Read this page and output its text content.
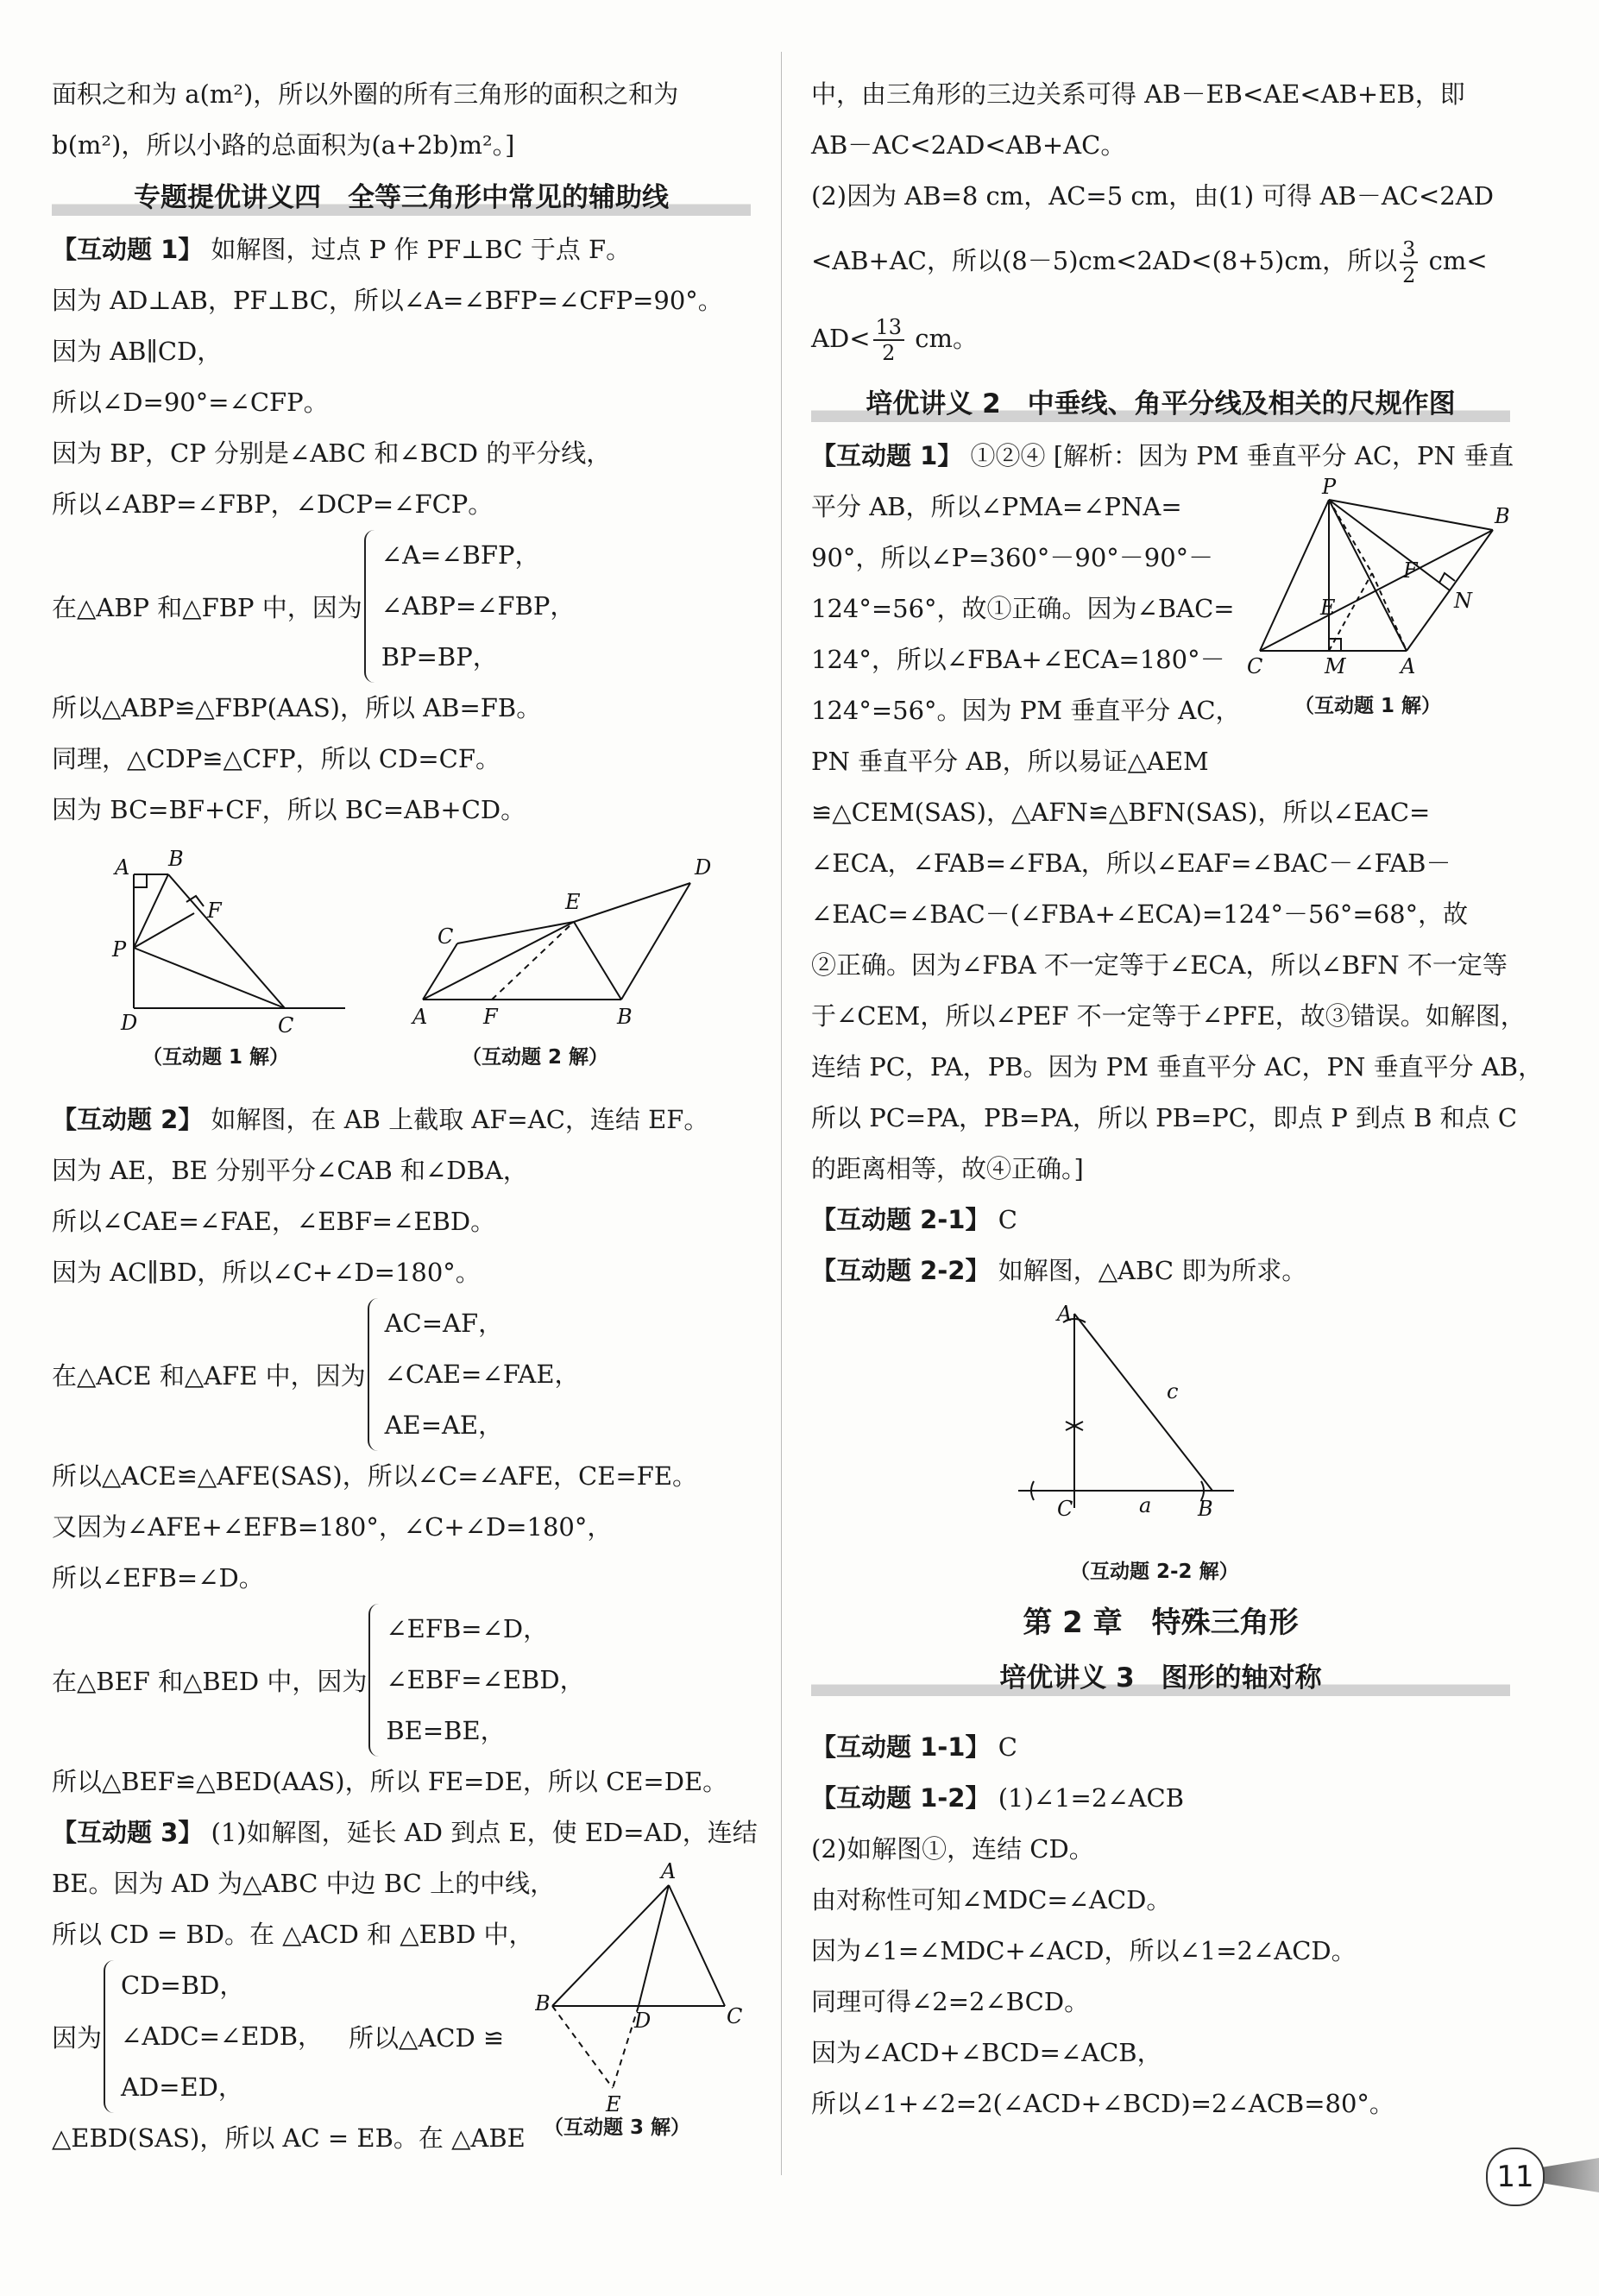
面积之和为 a(m²)，所以外圈的所有三角形的面积之和为
b(m²)，所以小路的总面积为(a+2b)m²。]
专题提优讲义四　全等三角形中常见的辅助线
【互动题 1】 如解图，过点 P 作 PF⊥BC 于点 F。
因为 AD⊥AB，PF⊥BC，所以∠A=∠BFP=∠CFP=90°。
因为 AB∥CD，
所以∠D=90°=∠CFP。
因为 BP，CP 分别是∠ABC 和∠BCD 的平分线，
所以∠ABP=∠FBP，∠DCP=∠FCP。
在△ABP 和△FBP 中，因为
∠A=∠BFP，
∠ABP=∠FBP，
BP=BP，
所以△ABP≌△FBP(AAS)，所以 AB=FB。
同理，△CDP≌△CFP，所以 CD=CF。
因为 BC=BF+CF，所以 BC=AB+CD。
A B
F
P
D	C
D
E
C
A	F	B
（互动题 1 解）	（互动题 2 解）
【互动题 2】 如解图，在 AB 上截取 AF=AC，连结 EF。
因为 AE，BE 分别平分∠CAB 和∠DBA，
所以∠CAE=∠FAE，∠EBF=∠EBD。
因为 AC∥BD，所以∠C+∠D=180°。
在△ACE 和△AFE 中，因为
AC=AF，
∠CAE=∠FAE，
AE=AE，
所以△ACE≌△AFE(SAS)，所以∠C=∠AFE，CE=FE。
又因为∠AFE+∠EFB=180°，∠C+∠D=180°，
所以∠EFB=∠D。
在△BEF 和△BED 中，因为
∠EFB=∠D，
∠EBF=∠EBD，
BE=BE，
所以△BEF≌△BED(AAS)，所以 FE=DE，所以 CE=DE。
【互动题 3】 (1)如解图，延长 AD 到点 E，使 ED=AD，连结
BE。因为 AD 为△ABC 中边 BC 上的中线，
所以 CD = BD。在 △ACD 和 △EBD 中，
因为
CD=BD，
∠ADC=∠EDB，
AD=ED，
所以△ACD ≌
△EBD(SAS)，所以 AC = EB。在 △ABE
A
B
D	C
E
（互动题 3 解）
中，由三角形的三边关系可得 AB－EB<AE<AB+EB，即
AB－AC<2AD<AB+AC。
(2)因为 AB=8 cm，AC=5 cm，由(1) 可得 AB－AC<2AD
<AB+AC，所以(8－5)cm<2AD<(8+5)cm，所以 $\frac{3}{2} cm<$
$AD< \frac{13}{2}$ cm。
培优讲义 2　中垂线、角平分线及相关的尺规作图
【互动题 1】 ①②④ [解析：因为 PM 垂直平分 AC，PN 垂直
平分 AB，所以∠PMA=∠PNA=
90°，所以∠P=360°－90°－90°－
124°=56°，故①正确。因为∠BAC=
124°，所以∠FBA+∠ECA=180°－
124°=56°。因为 PM 垂直平分 AC，
PN 垂直平分 AB，所以易证△AEM
≌△CEM(SAS)，△AFN≌△BFN(SAS)，所以∠EAC=
∠ECA，∠FAB=∠FBA，所以∠EAF=∠BAC－∠FAB－
∠EAC=∠BAC－(∠FBA+∠ECA)=124°－56°=68°，故
②正确。因为∠FBA 不一定等于∠ECA，所以∠BFN 不一定等
于∠CEM，所以∠PEF 不一定等于∠PFE，故③错误。如解图，
连结 PC，PA，PB。因为 PM 垂直平分 AC，PN 垂直平分 AB，
所以 PC=PA，PB=PA，所以 PB=PC，即点 P 到点 B 和点 C
的距离相等，故④正确。]
P
B
F
E	N
C	M	A
（互动题 1 解）
【互动题 2-1】 C
【互动题 2-2】 如解图，△ABC 即为所求。
A
c
C	a B
（互动题 2-2 解）
第 2 章　特殊三角形
培优讲义 3　图形的轴对称
【互动题 1-1】 C
【互动题 1-2】 (1)∠1=2∠ACB
(2)如解图①，连结 CD。
由对称性可知∠MDC=∠ACD。
因为∠1=∠MDC+∠ACD，所以∠1=2∠ACD。
同理可得∠2=2∠BCD。
因为∠ACD+∠BCD=∠ACB，
所以∠1+∠2=2(∠ACD+∠BCD)=2∠ACB=80°。
11
